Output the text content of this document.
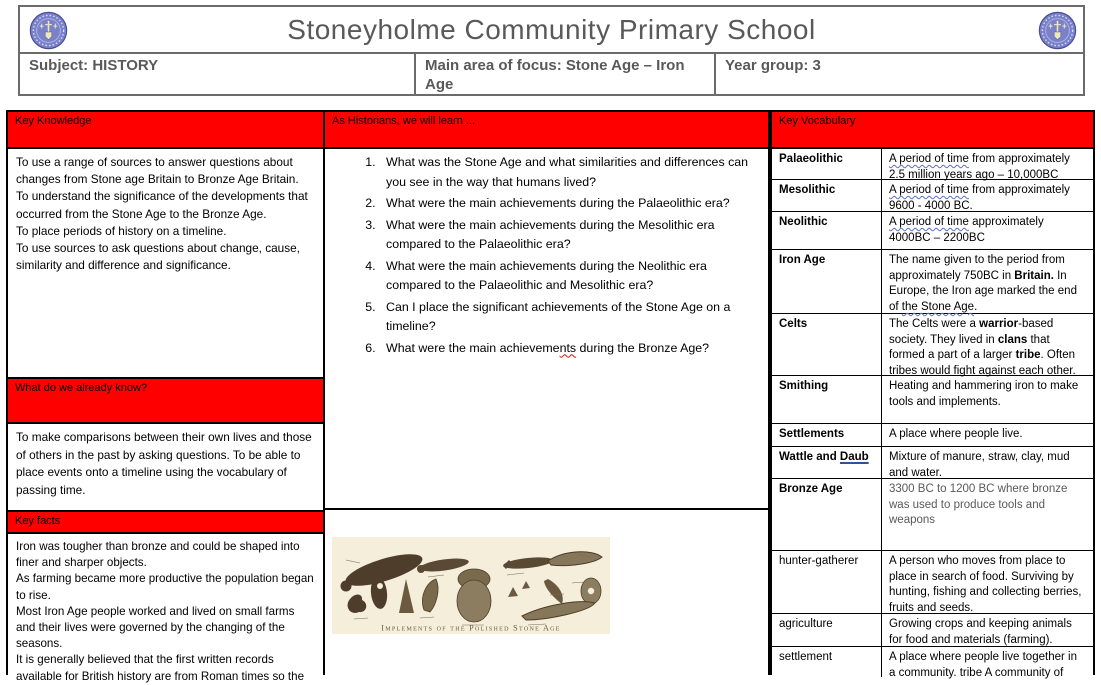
Stoneyholme Community Primary School
Subject: HISTORY	Main area of focus: Stone Age – Iron Age
Year group: 3
Key Knowledge
To use a range of sources to answer questions about changes from Stone age Britain to Bronze Age Britain.
To understand the significance of the developments that occurred from the Stone Age to the Bronze Age.
To place periods of history on a timeline.
To use sources to ask questions about change, cause, similarity and difference and significance.
What do we already know?
To make comparisons between their own lives and those of others in the past by asking questions. To be able to place events onto a timeline using the vocabulary of passing time.
Key facts
Iron was tougher than bronze and could be shaped into finer and sharper objects.
As farming became more productive the population began to rise.
Most Iron Age people worked and lived on small farms and their lives were governed by the changing of the seasons.
It is generally believed that the first written records available for British history are from Roman times so the
As Historians, we will learn ...
1. What was the Stone Age and what similarities and differences can you see in the way that humans lived?
2. What were the main achievements during the Palaeolithic era?
3. What were the main achievements during the Mesolithic era compared to the Palaeolithic era?
4. What were the main achievements during the Neolithic era compared to the Palaeolithic and Mesolithic era?
5. Can I place the significant achievements of the Stone Age on a timeline?
6. What were the main achievements during the Bronze Age?
Implements of the Polished Stone Age
Key Vocabulary
Palaeolithic	A period of time from approximately 2.5 million years ago – 10,000BC
Mesolithic	A period of time from approximately 9600 - 4000 BC.
Neolithic	A period of time approximately 4000BC – 2200BC
Iron Age	The name given to the period from approximately 750BC in Britain. In Europe, the Iron age marked the end of the Stone Age.
Celts	The Celts were a warrior-based society. They lived in clans that formed a part of a larger tribe. Often tribes would fight against each other.
Smithing	Heating and hammering iron to make tools and implements.
Settlements	A place where people live.
Wattle and Daub	Mixture of manure, straw, clay, mud and water.
Bronze Age	3300 BC to 1200 BC where bronze was used to produce tools and weapons
hunter-gatherer	A person who moves from place to place in search of food. Surviving by hunting, fishing and collecting berries, fruits and seeds.
agriculture	Growing crops and keeping animals for food and materials (farming).
settlement	A place where people live together in a community. tribe A community of
